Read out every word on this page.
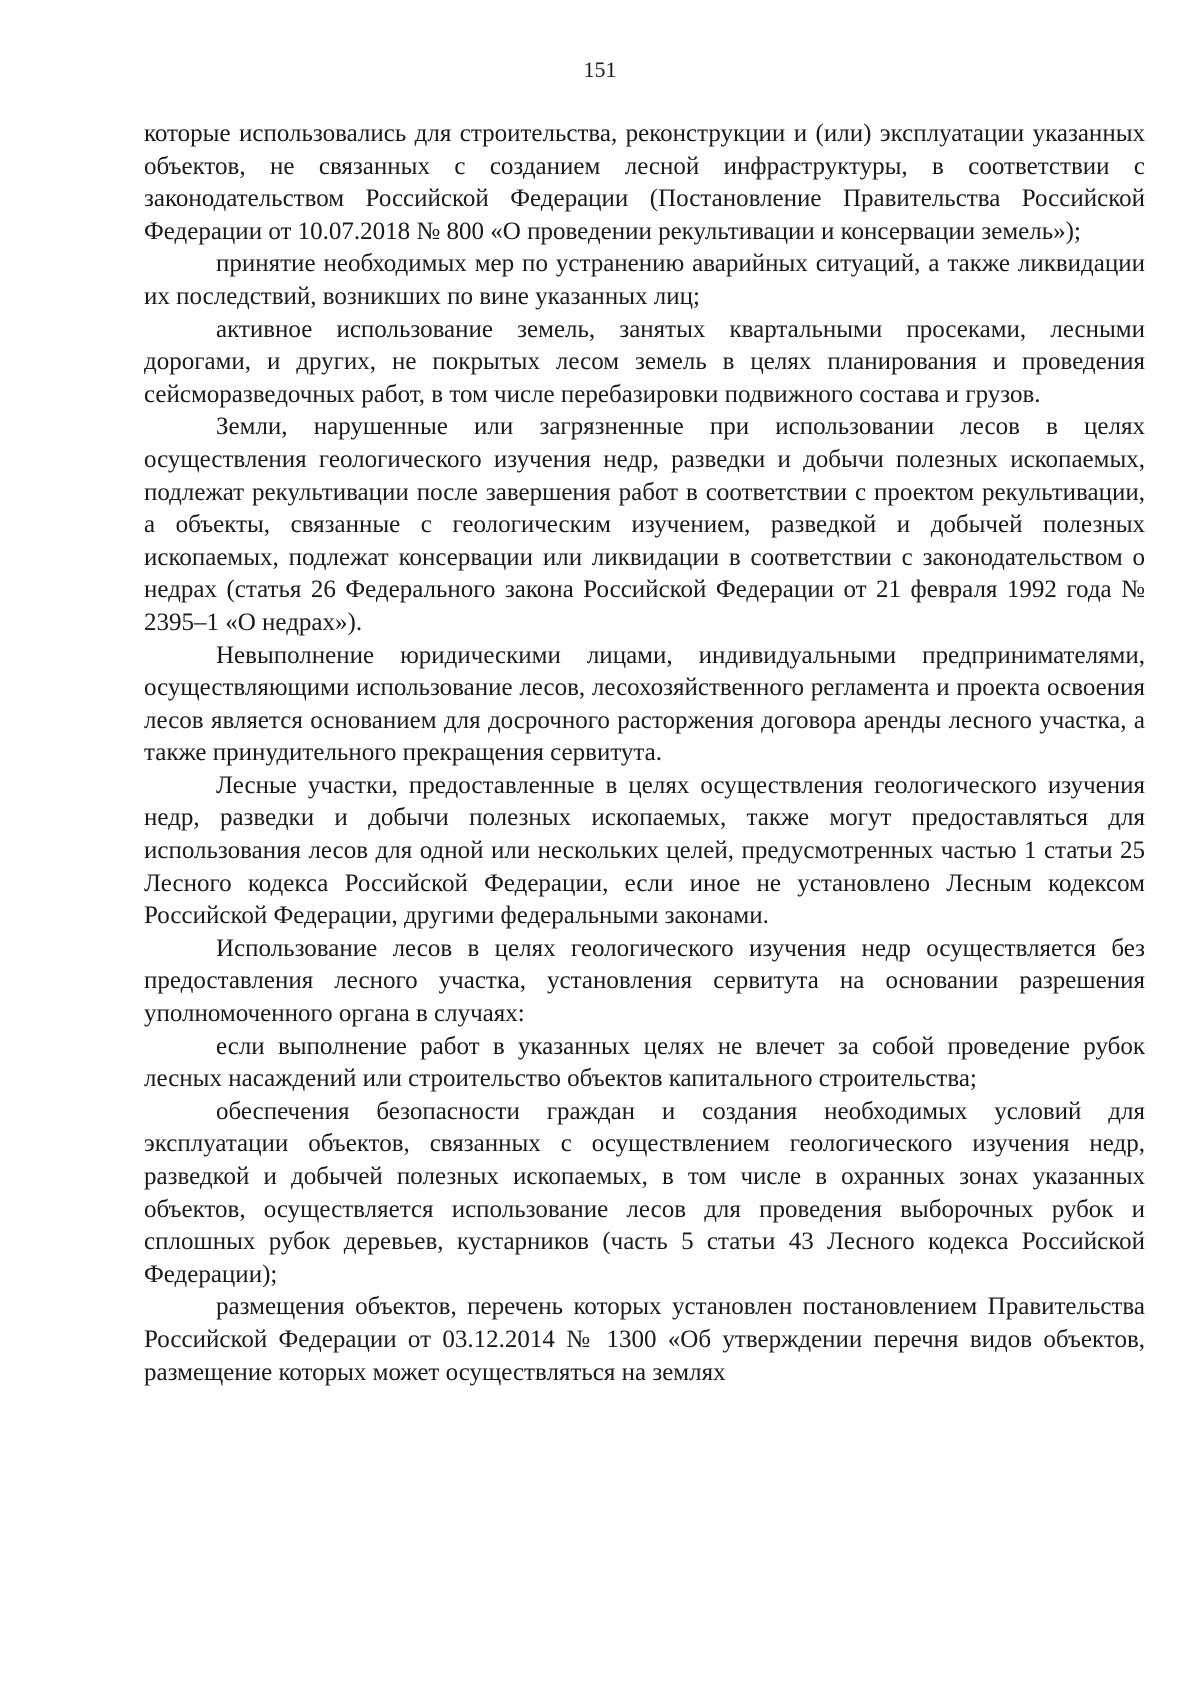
151

которые использовались для строительства, реконструкции и (или) эксплуатации указанных объектов, не связанных с созданием лесной инфраструктуры, в соответствии с законодательством Российской Федерации (Постановление Правительства Российской Федерации от 10.07.2018 № 800 «О проведении рекультивации и консервации земель»);

принятие необходимых мер по устранению аварийных ситуаций, а также ликвидации их последствий, возникших по вине указанных лиц;

активное использование земель, занятых квартальными просеками, лесными дорогами, и других, не покрытых лесом земель в целях планирования и проведения сейсморазведочных работ, в том числе перебазировки подвижного состава и грузов.

Земли, нарушенные или загрязненные при использовании лесов в целях осуществления геологического изучения недр, разведки и добычи полезных ископаемых, подлежат рекультивации после завершения работ в соответствии с проектом рекультивации, а объекты, связанные с геологическим изучением, разведкой и добычей полезных ископаемых, подлежат консервации или ликвидации в соответствии с законодательством о недрах (статья 26 Федерального закона Российской Федерации от 21 февраля 1992 года № 2395–1 «О недрах»).

Невыполнение юридическими лицами, индивидуальными предпринимателями, осуществляющими использование лесов, лесохозяйственного регламента и проекта освоения лесов является основанием для досрочного расторжения договора аренды лесного участка, а также принудительного прекращения сервитута.

Лесные участки, предоставленные в целях осуществления геологического изучения недр, разведки и добычи полезных ископаемых, также могут предоставляться для использования лесов для одной или нескольких целей, предусмотренных частью 1 статьи 25 Лесного кодекса Российской Федерации, если иное не установлено Лесным кодексом Российской Федерации, другими федеральными законами.

Использование лесов в целях геологического изучения недр осуществляется без предоставления лесного участка, установления сервитута на основании разрешения уполномоченного органа в случаях:

если выполнение работ в указанных целях не влечет за собой проведение рубок лесных насаждений или строительство объектов капитального строительства;

обеспечения безопасности граждан и создания необходимых условий для эксплуатации объектов, связанных с осуществлением геологического изучения недр, разведкой и добычей полезных ископаемых, в том числе в охранных зонах указанных объектов, осуществляется использование лесов для проведения выборочных рубок и сплошных рубок деревьев, кустарников (часть 5 статьи 43 Лесного кодекса Российской Федерации);

размещения объектов, перечень которых установлен постановлением Правительства Российской Федерации от 03.12.2014 № 1300 «Об утверждении перечня видов объектов, размещение которых может осуществляться на землях
